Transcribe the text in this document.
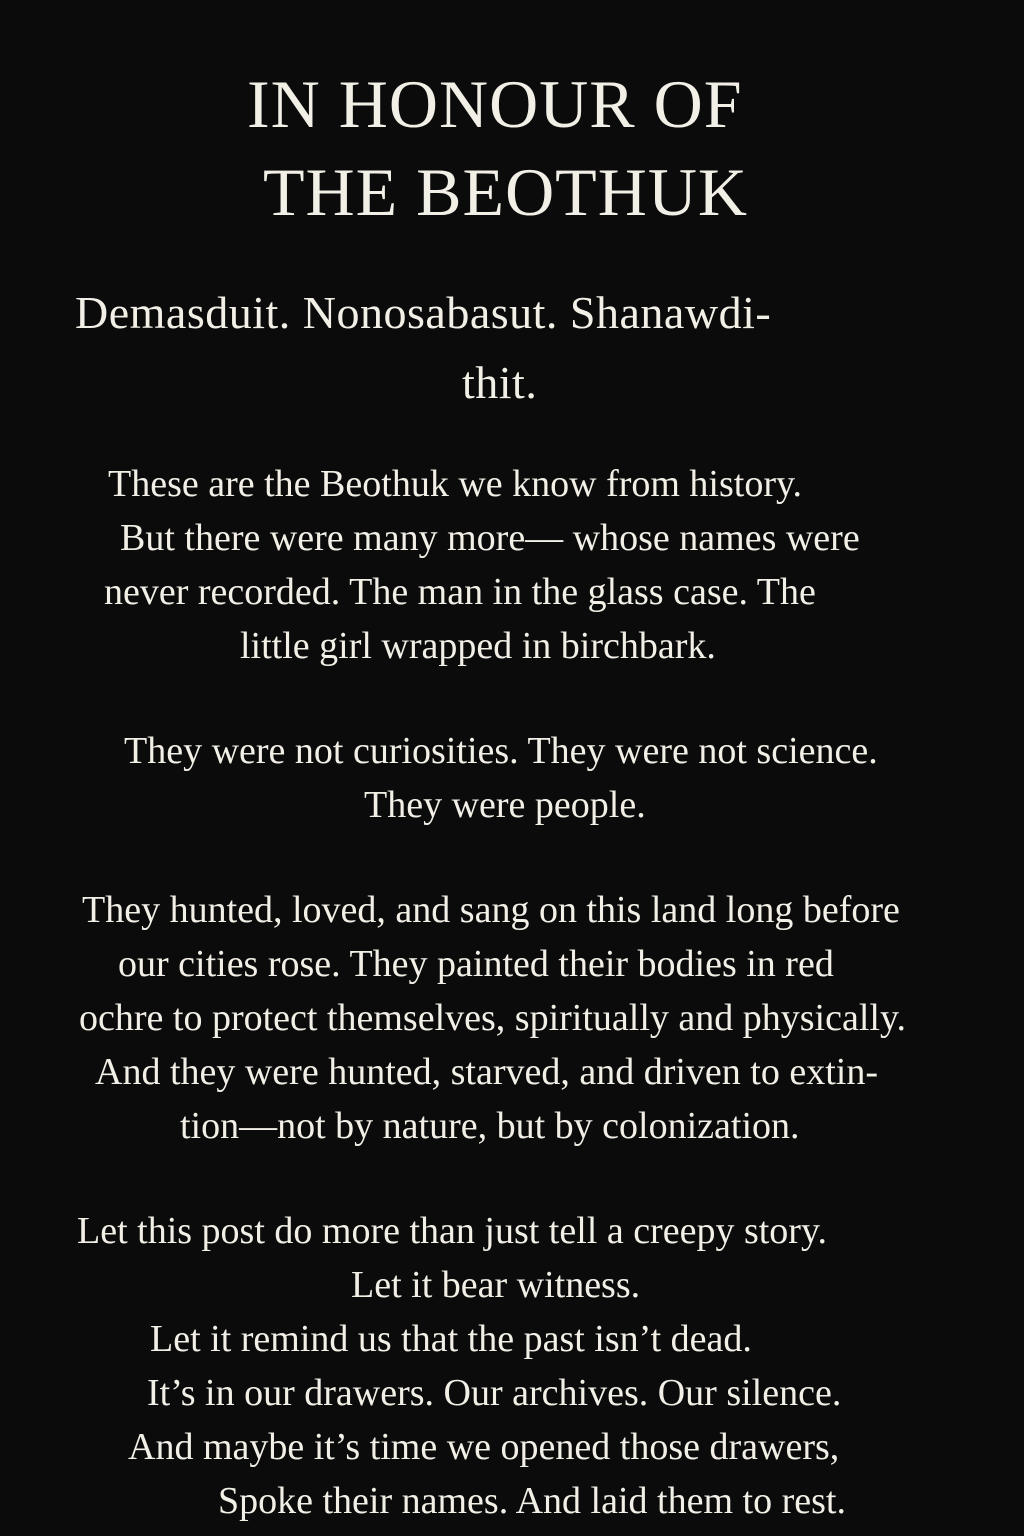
IN HONOUR OF
THE BEOTHUK
Demasduit. Nonosabasut. Shanawdi-
thit.
These are the Beothuk we know from history.
But there were many more— whose names were
never recorded. The man in the glass case. The
little girl wrapped in birchbark.
They were not curiosities. They were not science.
They were people.
They hunted, loved, and sang on this land long before
our cities rose. They painted their bodies in red
ochre to protect themselves, spiritually and physically.
And they were hunted, starved, and driven to extin-
tion—not by nature, but by colonization.
Let this post do more than just tell a creepy story.
Let it bear witness.
Let it remind us that the past isn’t dead.
It’s in our drawers. Our archives. Our silence.
And maybe it’s time we opened those drawers,
Spoke their names. And laid them to rest.
